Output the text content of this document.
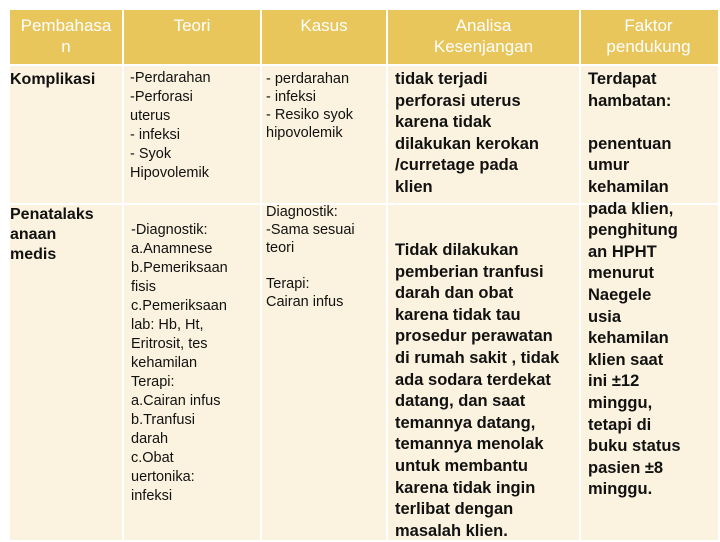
Pembahasa
n
Teori	Kasus	Analisa
Kesenjangan
Faktor
pendukung
Komplikasi -Perdarahan
-Perforasi
uterus
- infeksi
- Syok
Hipovolemik
- perdarahan
- infeksi
- Resiko syok
hipovolemik
tidak terjadi
perforasi uterus
karena tidak
dilakukan kerokan
/curretage pada
klien
Penatalaks
anaan
medis
-Diagnostik:
a.Anamnese
b.Pemeriksaan
fisis
c.Pemeriksaan
lab: Hb, Ht,
Eritrosit, tes
kehamilan
Terapi:
a.Cairan infus
b.Tranfusi
darah
c.Obat
uertonika:
infeksi
Diagnostik:
-Sama sesuai
teori

Terapi:
Cairan infus
Tidak dilakukan
pemberian tranfusi
darah dan obat
karena tidak tau
prosedur perawatan
di rumah sakit , tidak
ada sodara terdekat
datang, dan saat
temannya datang,
temannya menolak
untuk membantu
karena tidak ingin
terlibat dengan
masalah klien.
Terdapat
hambatan:

penentuan
umur
kehamilan
pada klien,
penghitung
an HPHT
menurut
Naegele
usia
kehamilan
klien saat
ini ±12
minggu,
tetapi di
buku status
pasien ±8
minggu.
